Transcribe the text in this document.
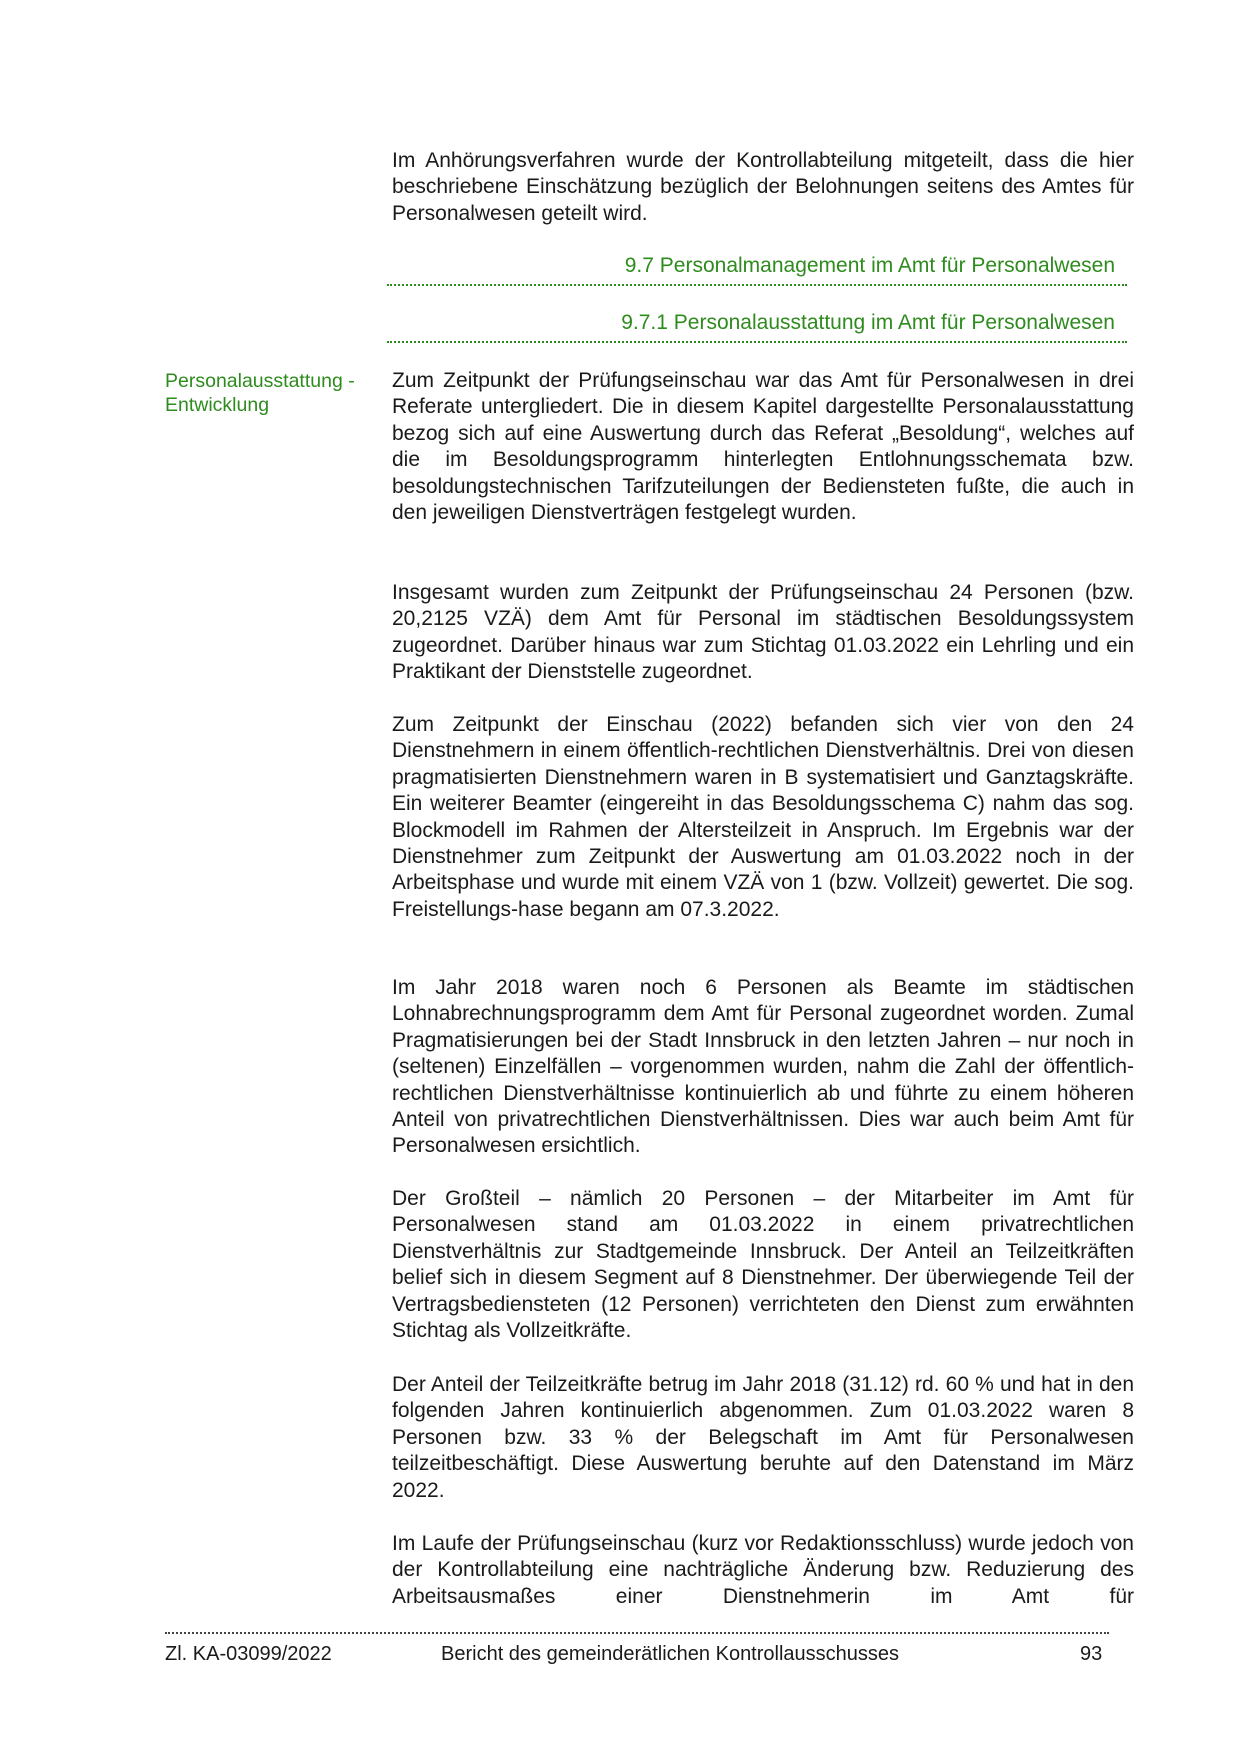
Im Anhörungsverfahren wurde der Kontrollabteilung mitgeteilt, dass die hier beschriebene Einschätzung bezüglich der Belohnungen seitens des Amtes für Personalwesen geteilt wird.

9.7 Personalmanagement im Amt für Personalwesen
9.7.1 Personalausstattung im Amt für Personalwesen
Personalausstattung -
Entwicklung

Zum Zeitpunkt der Prüfungseinschau war das Amt für Personalwesen in drei Referate untergliedert. Die in diesem Kapitel dargestellte Personalausstattung bezog sich auf eine Auswertung durch das Referat „Besoldung“, welches auf die im Besoldungsprogramm hinterlegten Entlohnungsschemata bzw. besoldungstechnischen Tarifzuteilungen der Bediensteten fußte, die auch in den jeweiligen Dienstverträgen festgelegt wurden.

Insgesamt wurden zum Zeitpunkt der Prüfungseinschau 24 Personen (bzw. 20,2125 VZÄ) dem Amt für Personal im städtischen Besoldungssystem zugeordnet. Darüber hinaus war zum Stichtag 01.03.2022 ein Lehrling und ein Praktikant der Dienststelle zugeordnet.

Zum Zeitpunkt der Einschau (2022) befanden sich vier von den 24 Dienstnehmern in einem öffentlich-rechtlichen Dienstverhältnis. Drei von diesen pragmatisierten Dienstnehmern waren in B systematisiert und Ganztagskräfte. Ein weiterer Beamter (eingereiht in das Besoldungsschema C) nahm das sog. Blockmodell im Rahmen der Altersteilzeit in Anspruch. Im Ergebnis war der Dienstnehmer zum Zeitpunkt der Auswertung am 01.03.2022 noch in der Arbeitsphase und wurde mit einem VZÄ von 1 (bzw. Vollzeit) gewertet. Die sog. Freistellungs-hase begann am 07.3.2022.

Im Jahr 2018 waren noch 6 Personen als Beamte im städtischen Lohnabrechnungsprogramm dem Amt für Personal zugeordnet worden. Zumal Pragmatisierungen bei der Stadt Innsbruck in den letzten Jahren – nur noch in (seltenen) Einzelfällen – vorgenommen wurden, nahm die Zahl der öffentlich-rechtlichen Dienstverhältnisse kontinuierlich ab und führte zu einem höheren Anteil von privatrechtlichen Dienstverhältnissen. Dies war auch beim Amt für Personalwesen ersichtlich.

Der Großteil – nämlich 20 Personen – der Mitarbeiter im Amt für Personalwesen stand am 01.03.2022 in einem privatrechtlichen Dienstverhältnis zur Stadtgemeinde Innsbruck. Der Anteil an Teilzeitkräften belief sich in diesem Segment auf 8 Dienstnehmer. Der überwiegende Teil der Vertragsbediensteten (12 Personen) verrichteten den Dienst zum erwähnten Stichtag als Vollzeitkräfte.

Der Anteil der Teilzeitkräfte betrug im Jahr 2018 (31.12) rd. 60 % und hat in den folgenden Jahren kontinuierlich abgenommen. Zum 01.03.2022 waren 8 Personen bzw. 33 % der Belegschaft im Amt für Personalwesen teilzeitbeschäftigt. Diese Auswertung beruhte auf den Datenstand im März 2022.

Im Laufe der Prüfungseinschau (kurz vor Redaktionsschluss) wurde jedoch von der Kontrollabteilung eine nachträgliche Änderung bzw. Reduzierung des Arbeitsausmaßes einer Dienstnehmerin im Amt für

Zl. KA-03099/2022	Bericht des gemeinderätlichen Kontrollausschusses	93
